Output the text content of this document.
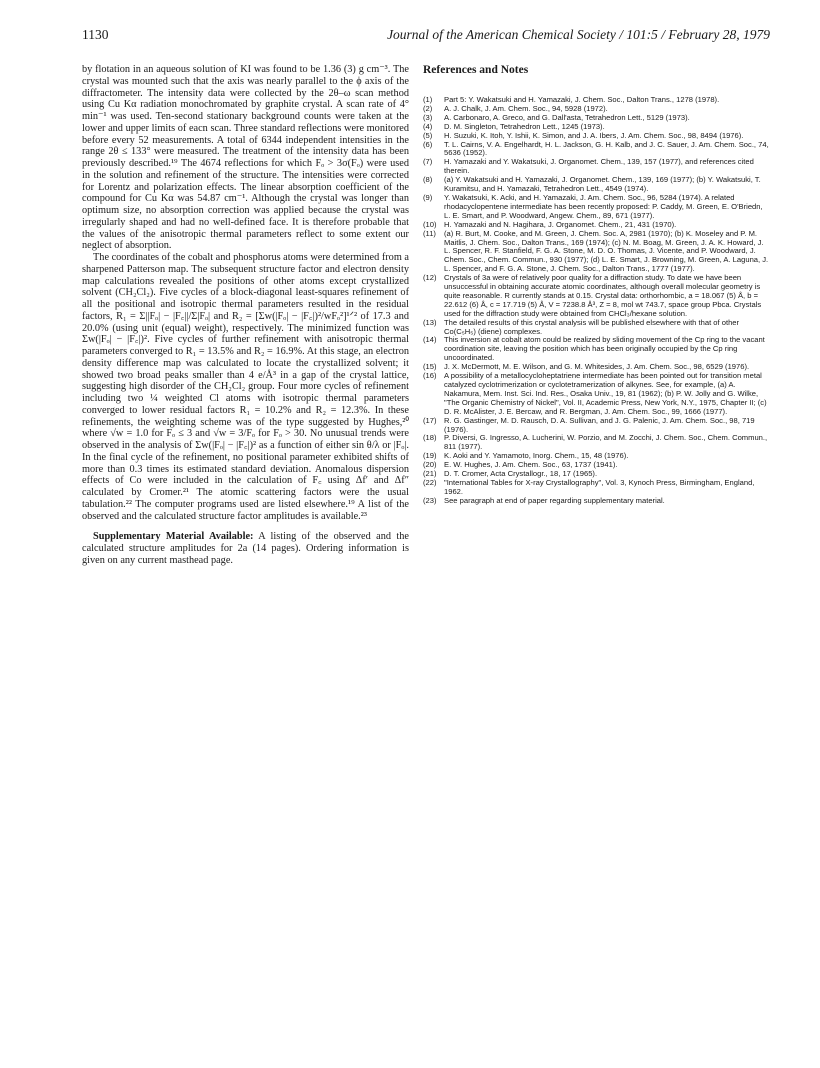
1130	Journal of the American Chemical Society / 101:5 / February 28, 1979

by flotation in an aqueous solution of KI was found to be 1.36 (3) g cm⁻³. The crystal was mounted such that the axis was nearly parallel to the ϕ axis of the diffractometer. The intensity data were collected by the 2θ–ω scan method using Cu Kα radiation monochromated by graphite crystal. A scan rate of 4° min⁻¹ was used. Ten-second stationary background counts were taken at the lower and upper limits of eacn scan. Three standard reflections were monitored before every 52 measurements. A total of 6344 independent intensities in the range 2θ ≤ 133° were measured. The treatment of the intensity data has been previously described.¹⁹ The 4674 reflections for which Fₒ > 3σ(Fₒ) were used in the solution and refinement of the structure. The intensities were corrected for Lorentz and polarization effects. The linear absorption coefficient of the compound for Cu Kα was 54.87 cm⁻¹. Although the crystal was longer than optimum size, no absorption correction was applied because the crystal was irregularly shaped and had no well-defined face. It is therefore probable that the values of the anisotropic thermal parameters reflect to some extent our neglect of absorption.

The coordinates of the cobalt and phosphorus atoms were determined from a sharpened Patterson map. The subsequent structure factor and electron density map calculations revealed the positions of other atoms except crystallized solvent (CH₂Cl₂). Five cycles of a block-diagonal least-squares refinement of all the positional and isotropic thermal parameters resulted in the residual factors, R₁ = Σ||Fₒ| − |F꜀||/Σ|Fₒ| and R₂ = [Σw(|Fₒ| − |F꜀|)²/wFₒ²]¹ᐟ² of 17.3 and 20.0% (using unit (equal) weight), respectively. The minimized function was Σw(|Fₒ| − |F꜀|)². Five cycles of further refinement with anisotropic thermal parameters converged to R₁ = 13.5% and R₂ = 16.9%. At this stage, an electron density difference map was calculated to locate the crystallized solvent; it showed two broad peaks smaller than 4 e/Å³ in a gap of the crystal lattice, suggesting high disorder of the CH₂Cl₂ group. Four more cycles of refinement including two ¼ weighted Cl atoms with isotropic thermal parameters converged to lower residual factors R₁ = 10.2% and R₂ = 12.3%. In these refinements, the weighting scheme was of the type suggested by Hughes,²⁰ where √w = 1.0 for Fₒ ≤ 3 and √w = 3/Fₒ for Fₒ > 30. No unusual trends were observed in the analysis of Σw(|Fₒ| − |F꜀|)² as a function of either sin θ/λ or |Fₒ|. In the final cycle of the refinement, no positional parameter exhibited shifts of more than 0.3 times its estimated standard deviation. Anomalous dispersion effects of Co were included in the calculation of F꜀ using Δf′ and Δf″ calculated by Cromer.²¹ The atomic scattering factors were the usual tabulation.²² The computer programs used are listed elsewhere.¹⁹ A list of the observed and the calculated structure factor amplitudes is available.²³

Supplementary Material Available: A listing of the observed and the calculated structure amplitudes for 2a (14 pages). Ordering information is given on any current masthead page.

References and Notes
(1)	Part 5: Y. Wakatsuki and H. Yamazaki, J. Chem. Soc., Dalton Trans., 1278 (1978).
(2)	A. J. Chalk, J. Am. Chem. Soc., 94, 5928 (1972).
(3)	A. Carbonaro, A. Greco, and G. Dall'asta, Tetrahedron Lett., 5129 (1973).
(4)	D. M. Singleton, Tetrahedron Lett., 1245 (1973).
(5)	H. Suzuki, K. Itoh, Y. Ishii, K. Simon, and J. A. Ibers, J. Am. Chem. Soc., 98, 8494 (1976).
(6)	T. L. Cairns, V. A. Engelhardt, H. L. Jackson, G. H. Kalb, and J. C. Sauer, J. Am. Chem. Soc., 74, 5636 (1952).
(7)	H. Yamazaki and Y. Wakatsuki, J. Organomet. Chem., 139, 157 (1977), and references cited therein.
(8)	(a) Y. Wakatsuki and H. Yamazaki, J. Organomet. Chem., 139, 169 (1977); (b) Y. Wakatsuki, T. Kuramitsu, and H. Yamazaki, Tetrahedron Lett., 4549 (1974).
(9)	Y. Wakatsuki, K. Acki, and H. Yamazaki, J. Am. Chem. Soc., 96, 5284 (1974). A related rhodacyclopentene intermediate has been recently proposed: P. Caddy, M. Green, E. O'Briedn, L. E. Smart, and P. Woodward, Angew. Chem., 89, 671 (1977).
(10) H. Yamazaki and N. Hagihara, J. Organomet. Chem., 21, 431 (1970).
(11)	(a) R. Burt, M. Cooke, and M. Green, J. Chem. Soc. A, 2981 (1970); (b) K. Moseley and P. M. Maitlis, J. Chem. Soc., Dalton Trans., 169 (1974); (c) N. M. Boag, M. Green, J. A. K. Howard, J. L. Spencer, R. F. Stanfield, F. G. A. Stone, M. D. O. Thomas, J. Vicente, and P. Woodward, J. Chem. Soc., Chem. Commun., 930 (1977); (d) L. E. Smart, J. Browning, M. Green, A. Laguna, J. L. Spencer, and F. G. A. Stone, J. Chem. Soc., Dalton Trans., 1777 (1977).
(12) Crystals of 3a were of relatively poor quality for a diffraction study. To date we have been unsuccessful in obtaining accurate atomic coordinates, although overall molecular geometry is quite reasonable. R currently stands at 0.15. Crystal data: orthorhombic, a = 18.067 (5) Å, b = 22.612 (6) Å, c = 17.719 (5) Å, V = 7238.8 Å³, Z = 8, mol wt 743.7, space group Pbca. Crystals used for the diffraction study were obtained from CHCl₃/hexane solution.
(13) The detailed results of this crystal analysis will be published elsewhere with that of other Co(C₅H₅) (diene) complexes.
(14) This inversion at cobalt atom could be realized by sliding movement of the Cp ring to the vacant coordination site, leaving the position which has been originally occupied by the Cp ring uncoordinated.
(15) J. X. McDermott, M. E. Wilson, and G. M. Whitesides, J. Am. Chem. Soc., 98, 6529 (1976).
(16) A possibility of a metallocycloheptatriene intermediate has been pointed out for transition metal catalyzed cyclotrimerization or cyclotetramerization of alkynes. See, for example, (a) A. Nakamura, Mem. Inst. Sci. Ind. Res., Osaka Univ., 19, 81 (1962); (b) P. W. Jolly and G. Wilke, "The Organic Chemistry of Nickel", Vol. II, Academic Press, New York, N.Y., 1975, Chapter II; (c) D. R. McAlister, J. E. Bercaw, and R. Bergman, J. Am. Chem. Soc., 99, 1666 (1977).
(17) R. G. Gastinger, M. D. Rausch, D. A. Sullivan, and J. G. Palenic, J. Am. Chem. Soc., 98, 719 (1976).
(18) P. Diversi, G. Ingresso, A. Lucherini, W. Porzio, and M. Zocchi, J. Chem. Soc., Chem. Commun., 811 (1977).
(19) K. Aoki and Y. Yamamoto, Inorg. Chem., 15, 48 (1976).
(20) E. W. Hughes, J. Am. Chem. Soc., 63, 1737 (1941).
(21) D. T. Cromer, Acta Crystallogr., 18, 17 (1965).
(22) "International Tables for X-ray Crystallography", Vol. 3, Kynoch Press, Birmingham, England, 1962.
(23) See paragraph at end of paper regarding supplementary material.
